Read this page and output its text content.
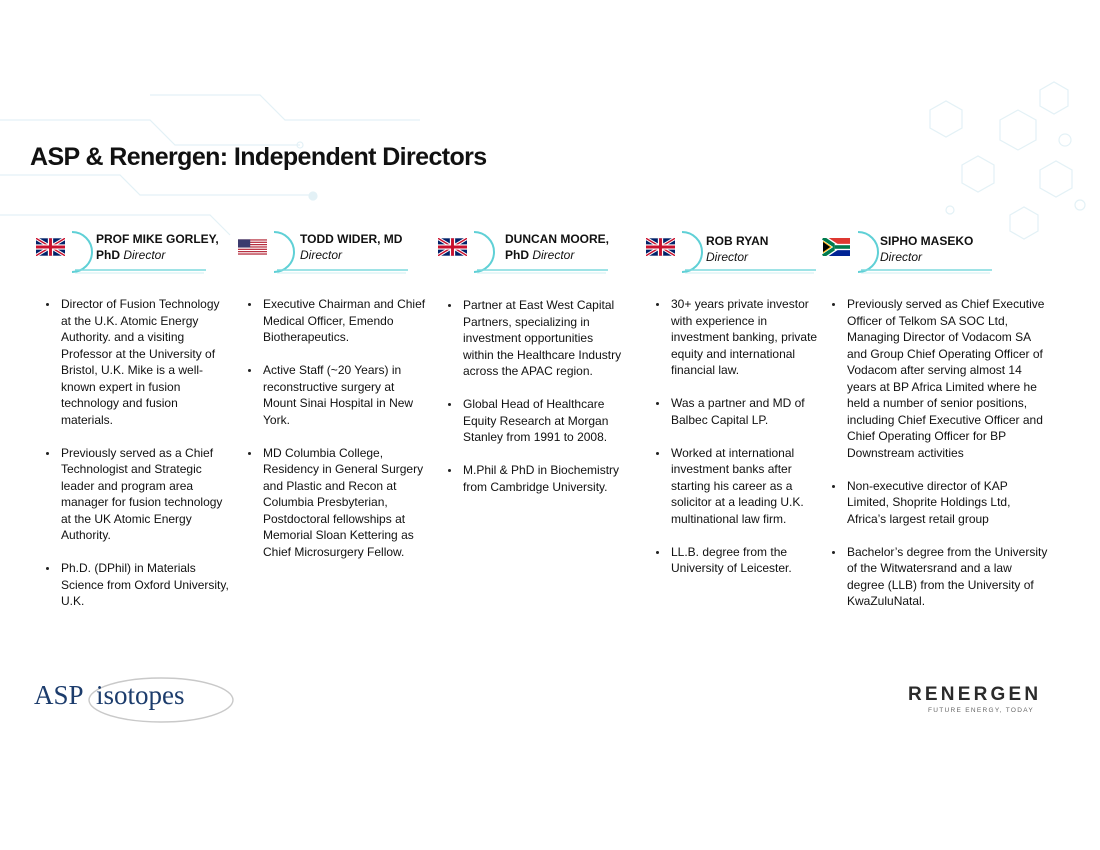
ASP & Renergen: Independent Directors
PROF MIKE GORLEY,
PhD Director
• Director of Fusion Technology at the U.K. Atomic Energy Authority. and a visiting Professor at the University of Bristol, U.K. Mike is a well-known expert in fusion technology and fusion materials.
• Previously served as a Chief Technologist and Strategic leader and program area manager for fusion technology at the UK Atomic Energy Authority.
• Ph.D. (DPhil) in Materials Science from Oxford University, U.K.
TODD WIDER, MD
Director
• Executive Chairman and Chief Medical Officer, Emendo Biotherapeutics.
• Active Staff (~20 Years) in reconstructive surgery at Mount Sinai Hospital in New York.
• MD Columbia College, Residency in General Surgery and Plastic and Recon at Columbia Presbyterian, Postdoctoral fellowships at Memorial Sloan Kettering as Chief Microsurgery Fellow.
DUNCAN MOORE,
PhD Director
• Partner at East West Capital Partners, specializing in investment opportunities within the Healthcare Industry across the APAC region.
• Global Head of Healthcare Equity Research at Morgan Stanley from 1991 to 2008.
• M.Phil & PhD in Biochemistry from Cambridge University.
ROB RYAN
Director
• 30+ years private investor with experience in investment banking, private equity and international financial law.
• Was a partner and MD of Balbec Capital LP.
• Worked at international investment banks after starting his career as a solicitor at a leading U.K. multinational law firm.
• LL.B. degree from the University of Leicester.
SIPHO MASEKO
Director
• Previously served as Chief Executive Officer of Telkom SA SOC Ltd, Managing Director of Vodacom SA and Group Chief Operating Officer of Vodacom after serving almost 14 years at BP Africa Limited where he held a number of senior positions, including Chief Executive Officer and Chief Operating Officer for BP Downstream activities
• Non-executive director of KAP Limited, Shoprite Holdings Ltd, Africa’s largest retail group
• Bachelor’s degree from the University of the Witwatersrand and a law degree (LLB) from the University of KwaZuluNatal.
ASP isotopes	RENERGEN
FUTURE ENERGY, TODAY
